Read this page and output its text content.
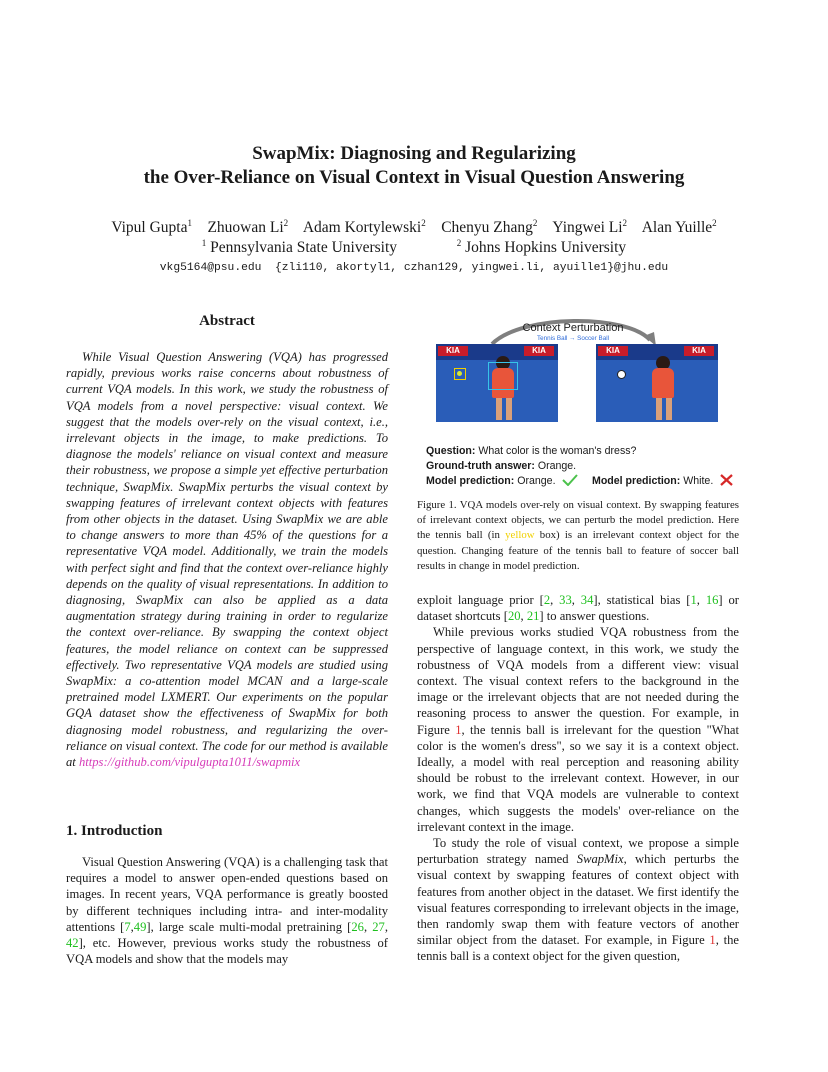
SwapMix: Diagnosing and Regularizing
the Over-Reliance on Visual Context in Visual Question Answering
Vipul Gupta$^1$ Zhuowan Li$^2$ Adam Kortylewski$^2$ Chenyu Zhang$^2$ Yingwei Li$^2$ Alan Yuille$^2$
$^1$ Pennsylvania State University	$^2$ Johns Hopkins University
vkg5164@psu.edu  {zli110, akortyl1, czhan129, yingwei.li, ayuille1}@jhu.edu
Abstract

While Visual Question Answering (VQA) has progressed rapidly, previous works raise concerns about robustness of current VQA models. In this work, we study the robustness of VQA models from a novel perspective: visual context. We suggest that the models over-rely on the visual context, i.e., irrelevant objects in the image, to make predictions. To diagnose the models' reliance on visual context and measure their robustness, we propose a simple yet effective perturbation technique, SwapMix. SwapMix perturbs the visual context by swapping features of irrelevant context objects with features from other objects in the dataset. Using SwapMix we are able to change answers to more than 45% of the questions for a representative VQA model. Additionally, we train the models with perfect sight and find that the context over-reliance highly depends on the quality of visual representations. In addition to diagnosing, SwapMix can also be applied as a data augmentation strategy during training in order to regularize the context over-reliance. By swapping the context object features, the model reliance on context can be suppressed effectively. Two representative VQA models are studied using SwapMix: a co-attention model MCAN and a large-scale pretrained model LXMERT. Our experiments on the popular GQA dataset show the effectiveness of SwapMix for both diagnosing model robustness, and regularizing the over-reliance on visual context. The code for our method is available at https://github.com/vipulgupta1011/swapmix

1. Introduction

Visual Question Answering (VQA) is a challenging task that requires a model to answer open-ended questions based on images. In recent years, VQA performance is greatly boosted by different techniques including intra- and inter-modality attentions [7,49], large scale multi-modal pretraining [26, 27, 42], etc. However, previous works study the robustness of VQA models and show that the models may

Context Perturbation
Tennis Ball → Soccer Ball
KIA	KIA	KIA	KIA
Question: What color is the woman's dress?
Ground-truth answer: Orange.
Model prediction: Orange.	Model prediction: White.
Figure 1. VQA models over-rely on visual context. By swapping features of irrelevant context objects, we can perturb the model prediction. Here the tennis ball (in yellow box) is an irrelevant context object for the question. Changing feature of the tennis ball to feature of soccer ball results in change in model prediction.

exploit language prior [2, 33, 34], statistical bias [1, 16] or dataset shortcuts [20, 21] to answer questions.

While previous works studied VQA robustness from the perspective of language context, in this work, we study the robustness of VQA models from a different view: visual context. The visual context refers to the background in the image or the irrelevant objects that are not needed during the reasoning process to answer the question. For example, in Figure 1, the tennis ball is irrelevant for the question "What color is the women's dress", so we say it is a context object. Ideally, a model with real perception and reasoning ability should be robust to the irrelevant context. However, in our work, we find that VQA models are vulnerable to context changes, which suggests the models' over-reliance on the irrelevant context in the image.

To study the role of visual context, we propose a simple perturbation strategy named SwapMix, which perturbs the visual context by swapping features of context object with features from another object in the dataset. We first identify the visual features corresponding to irrelevant objects in the image, then randomly swap them with feature vectors of another similar object from the dataset. For example, in Figure 1, the tennis ball is a context object for the given question,
